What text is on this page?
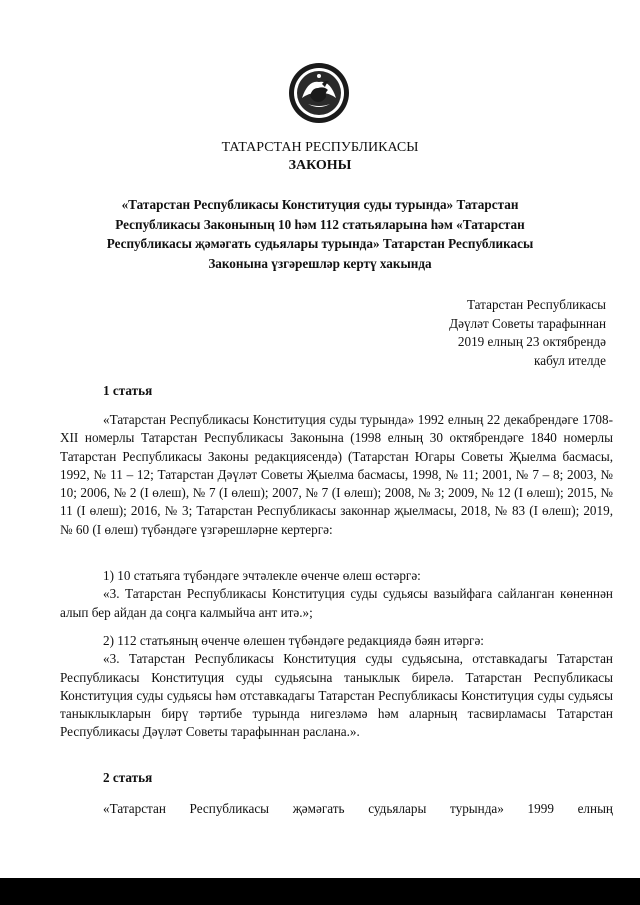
ТАТАРСТАН РЕСПУБЛИКАСЫ
ЗАКОНЫ
«Татарстан Республикасы Конституция суды турында» Татарстан Республикасы Законының 10 һәм 112 статьяларына һәм «Татарстан Республикасы җәмәгать судьялары турында» Татарстан Республикасы Законына үзгәрешләр кертү хакында
Татарстан Республикасы
Дәүләт Советы тарафыннан
2019 елның 23 октябрендә
кабул ителде
1 статья

«Татарстан Республикасы Конституция суды турында» 1992 елның 22 декабрендәге 1708-XII номерлы Татарстан Республикасы Законына (1998 елның 30 октябрендәге 1840 номерлы Татарстан Республикасы Законы редакциясендә) (Татарстан Югары Советы Җыелма басмасы, 1992, № 11 – 12; Татарстан Дәүләт Советы Җыелма басмасы, 1998, № 11; 2001, № 7 – 8; 2003, № 10; 2006, № 2 (I өлеш), № 7 (I өлеш); 2007, № 7 (I өлеш); 2008, № 3; 2009, № 12 (I өлеш); 2015, № 11 (I өлеш); 2016, № 3; Татарстан Республикасы законнар җыелмасы, 2018, № 83 (I өлеш); 2019, № 60 (I өлеш) түбәндәге үзгәрешләрне кертергә:

1) 10 статьяга түбәндәге эчтәлекле өченче өлеш өстәргә:

«3. Татарстан Республикасы Конституция суды судьясы вазыйфага сайланган көненнән алып бер айдан да соңга калмыйча ант итә.»;

2) 112 статьяның өченче өлешен түбәндәге редакциядә бәян итәргә:

«3. Татарстан Республикасы Конституция суды судьясына, отставкадагы Татарстан Республикасы Конституция суды судьясына таныклык бирелә. Татарстан Республикасы Конституция суды судьясы һәм отставкадагы Татарстан Республикасы Конституция суды судьясы таныклыкларын бирү тәртибе турында нигезләмә һәм аларның тасвирламасы Татарстан Республикасы Дәүләт Советы тарафыннан раслана.».

2 статья

«Татарстан Республикасы җәмәгать судьялары турында» 1999 елның
